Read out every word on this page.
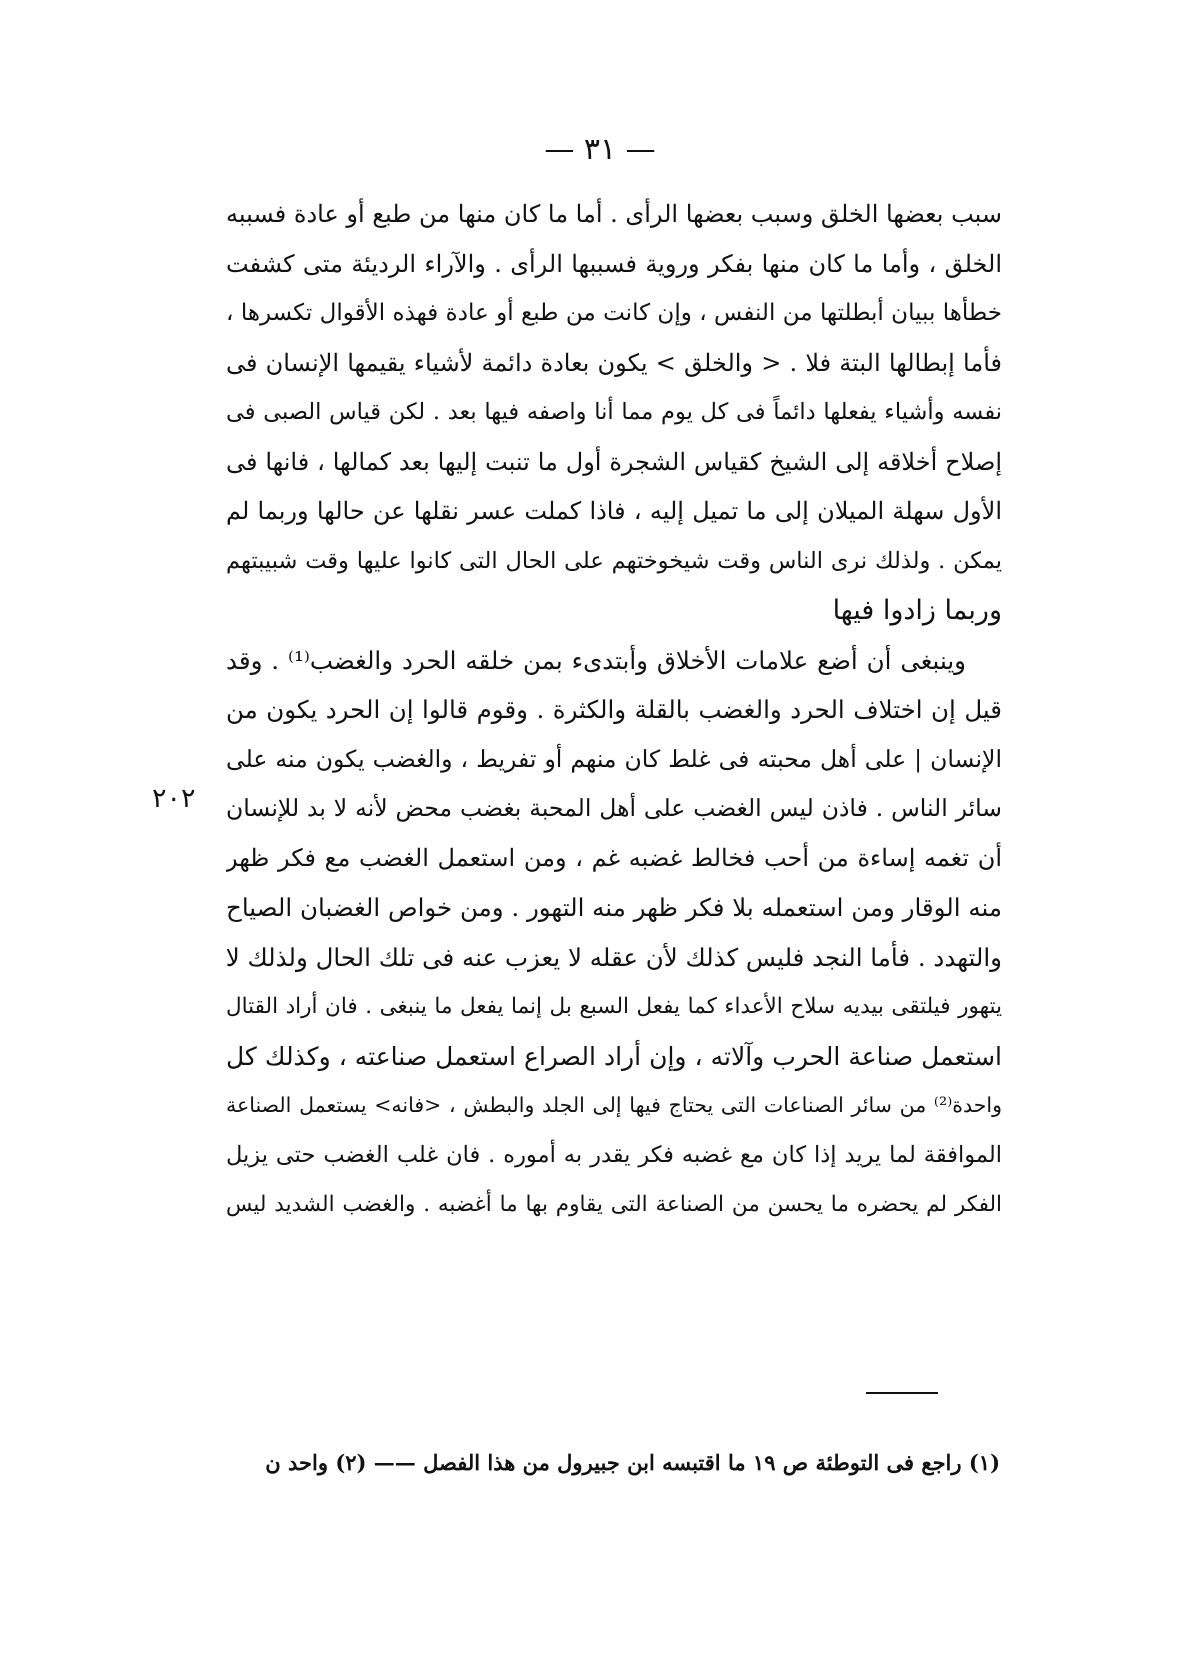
— ٣١ —
سبب بعضها الخلق وسبب بعضها الرأى . أما ما كان منها من طبع أو عادة فسببه
الخلق ، وأما ما كان منها بفكر وروية فسببها الرأى . والآراء الرديئة متى كشفت
خطأها ببيان أبطلتها من النفس ، وإن كانت من طبع أو عادة فهذه الأقوال تكسرها ،
فأما إبطالها البتة فلا . < والخلق > يكون بعادة دائمة لأشياء يقيمها الإنسان فى
نفسه وأشياء يفعلها دائماً فى كل يوم مما أنا واصفه فيها بعد . لكن قياس الصبى فى
إصلاح أخلاقه إلى الشيخ كقياس الشجرة أول ما تنبت إليها بعد كمالها ، فانها فى
الأول سهلة الميلان إلى ما تميل إليه ، فاذا كملت عسر نقلها عن حالها وربما لم
يمكن . ولذلك نرى الناس وقت شيخوختهم على الحال التى كانوا عليها وقت شبيبتهم
وربما زادوا فيها
وينبغى أن أضع علامات الأخلاق وأبتدىء بمن خلقه الحرد والغضب⁽¹⁾ . وقد
قيل إن اختلاف الحرد والغضب بالقلة والكثرة . وقوم قالوا إن الحرد يكون من
الإنسان | على أهل محبته فى غلط كان منهم أو تفريط ، والغضب يكون منه على
سائر الناس . فاذن ليس الغضب على أهل المحبة بغضب محض لأنه لا بد للإنسان
أن تغمه إساءة من أحب فخالط غضبه غم ، ومن استعمل الغضب مع فكر ظهر
منه الوقار ومن استعمله بلا فكر ظهر منه التهور . ومن خواص الغضبان الصياح
والتهدد . فأما النجد فليس كذلك لأن عقله لا يعزب عنه فى تلك الحال ولذلك لا
يتهور فيلتقى بيديه سلاح الأعداء كما يفعل السبع بل إنما يفعل ما ينبغى . فان أراد القتال
استعمل صناعة الحرب وآلاته ، وإن أراد الصراع استعمل صناعته ، وكذلك كل
واحدة⁽²⁾ من سائر الصناعات التى يحتاج فيها إلى الجلد والبطش ، <فانه> يستعمل الصناعة
الموافقة لما يريد إذا كان مع غضبه فكر يقدر به أموره . فان غلب الغضب حتى يزيل
الفكر لم يحضره ما يحسن من الصناعة التى يقاوم بها ما أغضبه . والغضب الشديد ليس
٢٠٢
(١) راجع فى التوطئة ص ١٩ ما اقتبسه ابن جبيرول من هذا الفصل —— (٢) واحد ن
